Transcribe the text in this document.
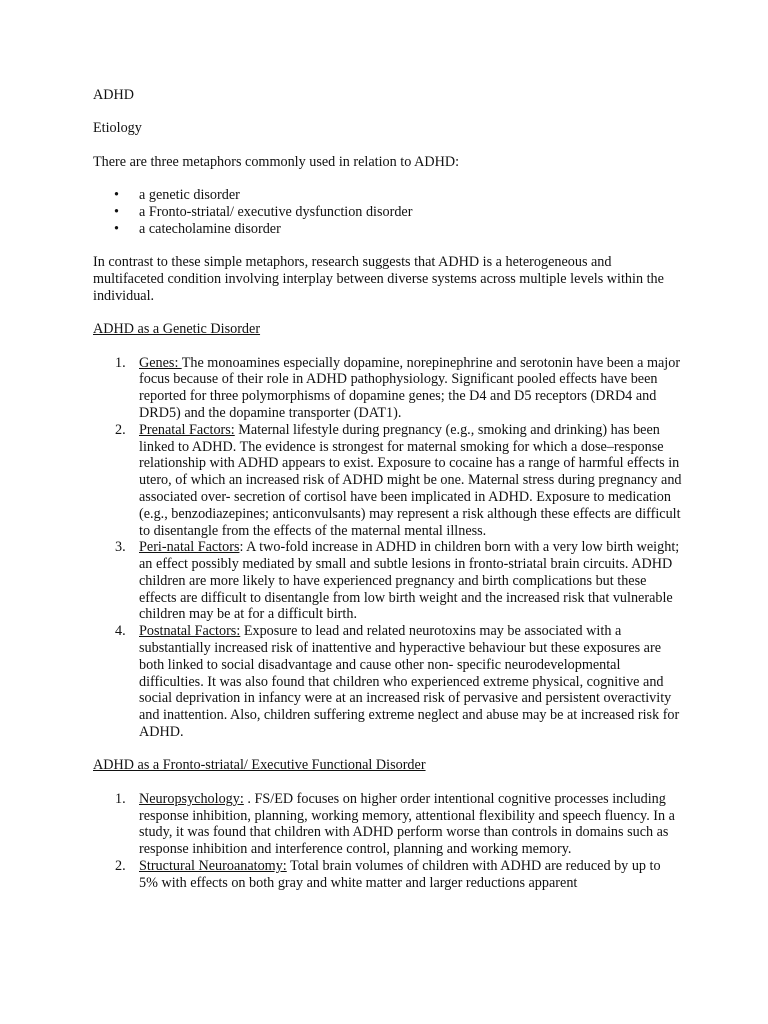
ADHD

Etiology

There are three metaphors commonly used in relation to ADHD:

• a genetic disorder
• a Fronto-striatal/ executive dysfunction disorder
• a catecholamine disorder

In contrast to these simple metaphors, research suggests that ADHD is a heterogeneous and multifaceted condition involving interplay between diverse systems across multiple levels within the individual.

ADHD as a Genetic Disorder

1. Genes: The monoamines especially dopamine, norepinephrine and serotonin have been a major focus because of their role in ADHD pathophysiology. Significant pooled effects have been reported for three polymorphisms of dopamine genes; the D4 and D5 receptors (DRD4 and DRD5) and the dopamine transporter (DAT1).
2. Prenatal Factors: Maternal lifestyle during pregnancy (e.g., smoking and drinking) has been linked to ADHD. The evidence is strongest for maternal smoking for which a dose–response relationship with ADHD appears to exist. Exposure to cocaine has a range of harmful effects in utero, of which an increased risk of ADHD might be one. Maternal stress during pregnancy and associated over- secretion of cortisol have been implicated in ADHD. Exposure to medication (e.g., benzodiazepines; anticonvulsants) may represent a risk although these effects are difficult to disentangle from the effects of the maternal mental illness.
3. Peri-natal Factors: A two-fold increase in ADHD in children born with a very low birth weight; an effect possibly mediated by small and subtle lesions in fronto-striatal brain circuits. ADHD children are more likely to have experienced pregnancy and birth complications but these effects are difficult to disentangle from low birth weight and the increased risk that vulnerable children may be at for a difficult birth.
4. Postnatal Factors: Exposure to lead and related neurotoxins may be associated with a substantially increased risk of inattentive and hyperactive behaviour but these exposures are both linked to social disadvantage and cause other non- specific neurodevelopmental difficulties. It was also found that children who experienced extreme physical, cognitive and social deprivation in infancy were at an increased risk of pervasive and persistent overactivity and inattention. Also, children suffering extreme neglect and abuse may be at increased risk for ADHD.

ADHD as a Fronto-striatal/ Executive Functional Disorder

1. Neuropsychology: . FS/ED focuses on higher order intentional cognitive processes including response inhibition, planning, working memory, attentional flexibility and speech fluency. In a study, it was found that children with ADHD perform worse than controls in domains such as response inhibition and interference control, planning and working memory.
2. Structural Neuroanatomy: Total brain volumes of children with ADHD are reduced by up to 5% with effects on both gray and white matter and larger reductions apparent
